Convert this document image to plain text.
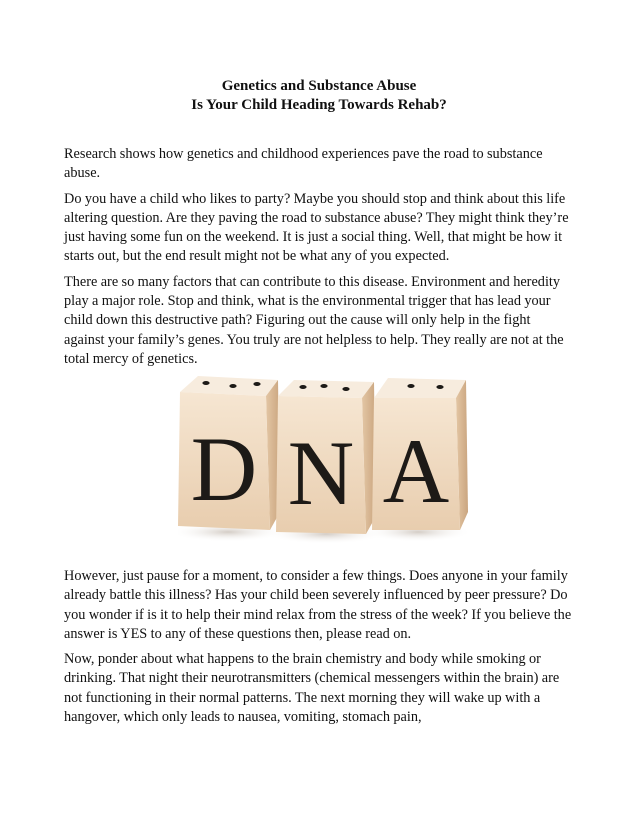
Genetics and Substance Abuse
Is Your Child Heading Towards Rehab?

Research shows how genetics and childhood experiences pave the road to substance abuse.

Do you have a child who likes to party? Maybe you should stop and think about this life altering question. Are they paving the road to substance abuse? They might think they’re just having some fun on the weekend. It is just a social thing. Well, that might be how it starts out, but the end result might not be what any of you expected.

There are so many factors that can contribute to this disease. Environment and heredity play a major role. Stop and think, what is the environmental trigger that has lead your child down this destructive path? Figuring out the cause will only help in the fight against your family’s genes. You truly are not helpless to help. They really are not at the total mercy of genetics.

D N A

However, just pause for a moment, to consider a few things. Does anyone in your family already battle this illness? Has your child been severely influenced by peer pressure? Do you wonder if is it to help their mind relax from the stress of the week? If you believe the answer is YES to any of these questions then, please read on.

Now, ponder about what happens to the brain chemistry and body while smoking or drinking. That night their neurotransmitters (chemical messengers within the brain) are not functioning in their normal patterns. The next morning they will wake up with a hangover, which only leads to nausea, vomiting, stomach pain,
